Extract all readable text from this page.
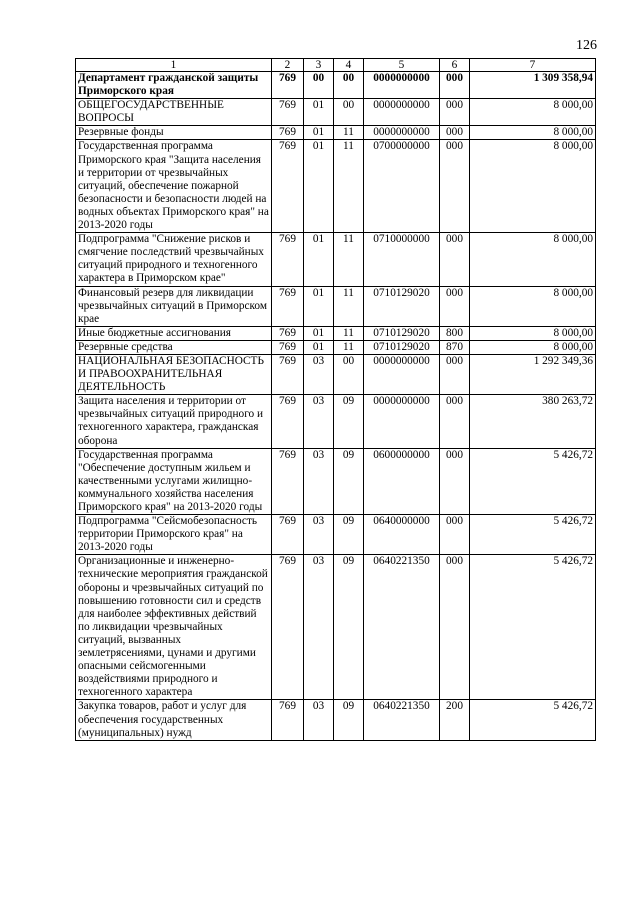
126
1	2	3	4	5	6	7
Департамент гражданской защиты Приморского края	769	00	00	0000000000	000	1 309 358,94
ОБЩЕГОСУДАРСТВЕННЫЕ ВОПРОСЫ	769	01	00	0000000000	000	8 000,00
Резервные фонды	769	01	11	0000000000	000	8 000,00
Государственная программа Приморского края "Защита населения и территории от чрезвычайных ситуаций, обеспечение пожарной безопасности и безопасности людей на водных объектах Приморского края" на 2013-2020 годы	769	01	11	0700000000	000	8 000,00
Подпрограмма "Снижение рисков и смягчение последствий чрезвычайных ситуаций природного и техногенного характера в Приморском крае"	769	01	11	0710000000	000	8 000,00
Финансовый резерв для ликвидации чрезвычайных ситуаций в Приморском крае	769	01	11	0710129020	000	8 000,00
Иные бюджетные ассигнования	769	01	11	0710129020	800	8 000,00
Резервные средства	769	01	11	0710129020	870	8 000,00
НАЦИОНАЛЬНАЯ БЕЗОПАСНОСТЬ И ПРАВООХРАНИТЕЛЬНАЯ ДЕЯТЕЛЬНОСТЬ	769	03	00	0000000000	000	1 292 349,36
Защита населения и территории от чрезвычайных ситуаций природного и техногенного характера, гражданская оборона	769	03	09	0000000000	000	380 263,72
Государственная программа "Обеспечение доступным жильем и качественными услугами жилищно-коммунального хозяйства населения Приморского края" на 2013-2020 годы	769	03	09	0600000000	000	5 426,72
Подпрограмма "Сейсмобезопасность территории Приморского края" на 2013-2020 годы	769	03	09	0640000000	000	5 426,72
Организационные и инженерно-технические мероприятия гражданской обороны и чрезвычайных ситуаций по повышению готовности сил и средств для наиболее эффективных действий по ликвидации чрезвычайных ситуаций, вызванных землетрясениями, цунами и другими опасными сейсмогенными воздействиями природного и техногенного характера	769	03	09	0640221350	000	5 426,72
Закупка товаров, работ и услуг для обеспечения государственных (муниципальных) нужд	769	03	09	0640221350	200	5 426,72
